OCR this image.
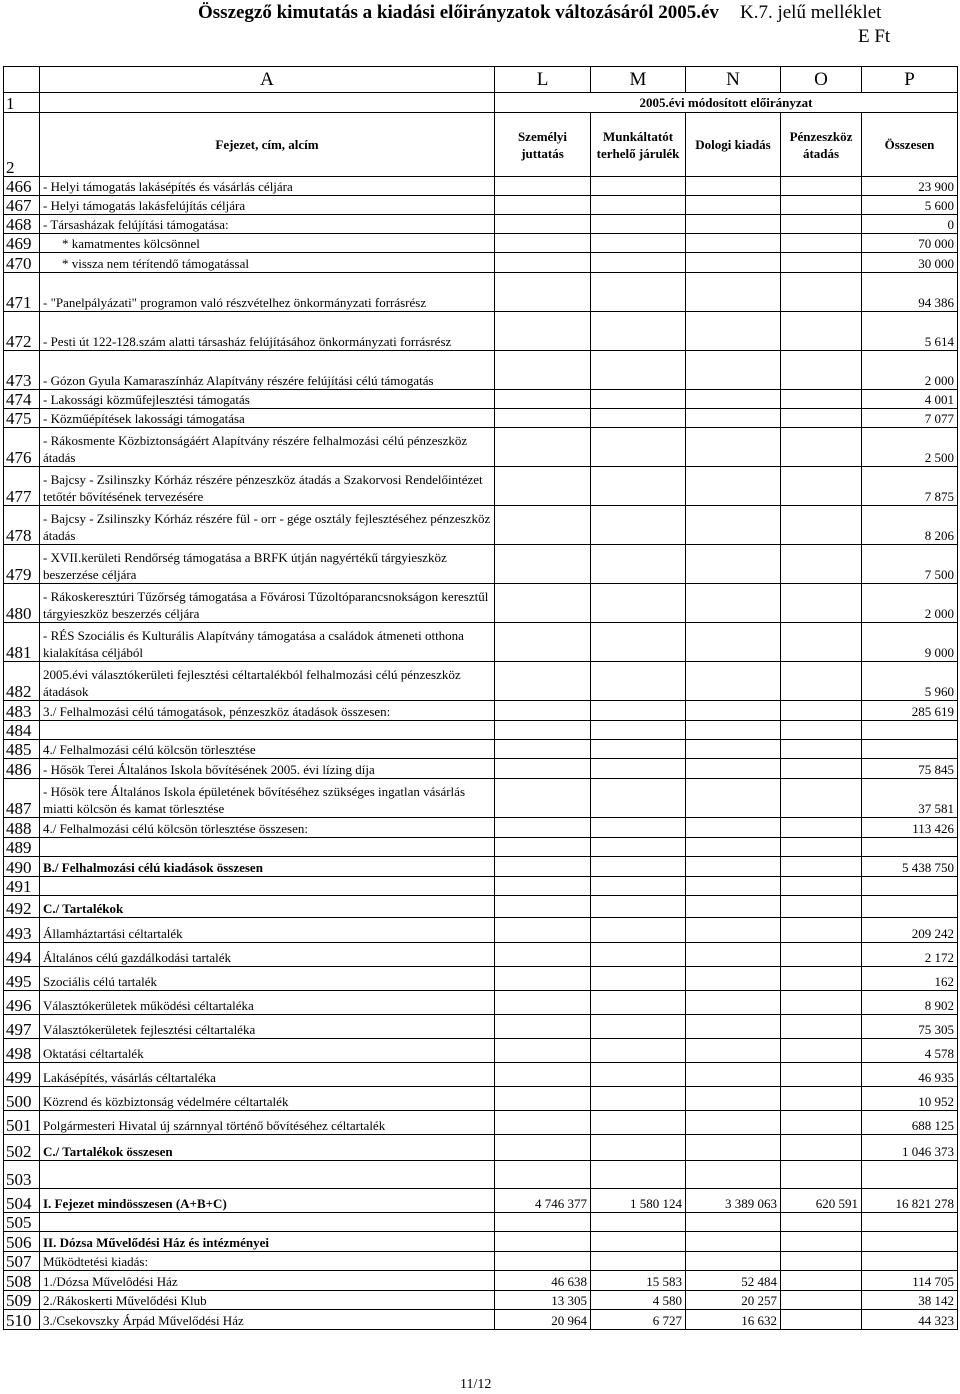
Összegző kimutatás a kiadási előirányzatok változásáról 2005.év K.7. jelű melléklet
E Ft
	A	L	M	N	O	P
1		2005.évi módosított előirányzat				
2	Fejezet, cím, alcím	Személyi juttatás	Munkáltatót terhelő járulék	Dologi kiadás	Pénzeszköz átadás	Összesen
466	- Helyi támogatás lakásépítés és vásárlás céljára					23 900
467	- Helyi támogatás lakásfelújítás céljára					5 600
468	- Társasházak felújítási támogatása:					0
469	* kamatmentes kölcsönnel					70 000
470	* vissza nem térítendő támogatással					30 000
471	- "Panelpályázati" programon való részvételhez önkormányzati forrásrész					94 386
472	- Pesti út 122-128.szám alatti társasház felújításához önkormányzati forrásrész					5 614
473	- Gózon Gyula Kamaraszínház Alapítvány részére felújítási célú támogatás					2 000
474	- Lakossági közműfejlesztési támogatás					4 001
475	- Közműépítések lakossági támogatása					7 077
476	- Rákosmente Közbiztonságáért Alapítvány részére felhalmozási célú pénzeszköz átadás					2 500
477	- Bajcsy - Zsilinszky Kórház részére pénzeszköz átadás a Szakorvosi Rendelőintézet tetőtér bővítésének tervezésére					7 875
478	- Bajcsy - Zsilinszky Kórház részére fül - orr - gége osztály fejlesztéséhez pénzeszköz átadás					8 206
479	- XVII.kerületi Rendőrség támogatása a BRFK útján nagyértékű tárgyieszköz beszerzése céljára					7 500
480	- Rákoskeresztúri Tűzőrség támogatása a Fővárosi Tűzoltóparancsnokságon keresztűl tárgyieszköz beszerzés céljára					2 000
481	- RÉS Szociális és Kulturális Alapítvány támogatása a családok átmeneti otthona kialakítása céljából					9 000
482	2005.évi választókerületi fejlesztési céltartalékból felhalmozási célú pénzeszköz átadások					5 960
483	3./ Felhalmozási célú támogatások, pénzeszköz átadások összesen:					285 619
484						
485	4./ Felhalmozási célú kölcsön törlesztése					
486	- Hősök Terei Általános Iskola bővítésének 2005. évi lízing díja					75 845
487	- Hősök tere Általános Iskola épületének bővítéséhez szükséges ingatlan vásárlás miatti kölcsön és kamat törlesztése					37 581
488	4./ Felhalmozási célú kölcsön törlesztése összesen:					113 426
489						
490	B./ Felhalmozási célú kiadások összesen					5 438 750
491						
492	C./ Tartalékok					
493	Államháztartási céltartalék					209 242
494	Általános célú gazdálkodási tartalék					2 172
495	Szociális célú tartalék					162
496	Választókerületek működési céltartaléka					8 902
497	Választókerületek fejlesztési céltartaléka					75 305
498	Oktatási céltartalék					4 578
499	Lakásépítés, vásárlás céltartaléka					46 935
500	Közrend és közbiztonság védelmére céltartalék					10 952
501	Polgármesteri Hivatal új szárnnyal történő bővítéséhez céltartalék					688 125
502	C./ Tartalékok összesen					1 046 373
503						
504	I. Fejezet mindösszesen (A+B+C)	4 746 377	1 580 124	3 389 063	620 591	16 821 278
505						
506	II. Dózsa Művelődési Ház és intézményei					
507	Működtetési kiadás:					
508	1./Dózsa Művelôdési Ház	46 638	15 583	52 484		114 705
509	2./Rákoskerti Művelődési Klub	13 305	4 580	20 257		38 142
510	3./Csekovszky Árpád Művelődési Ház	20 964	6 727	16 632		44 323
11/12
